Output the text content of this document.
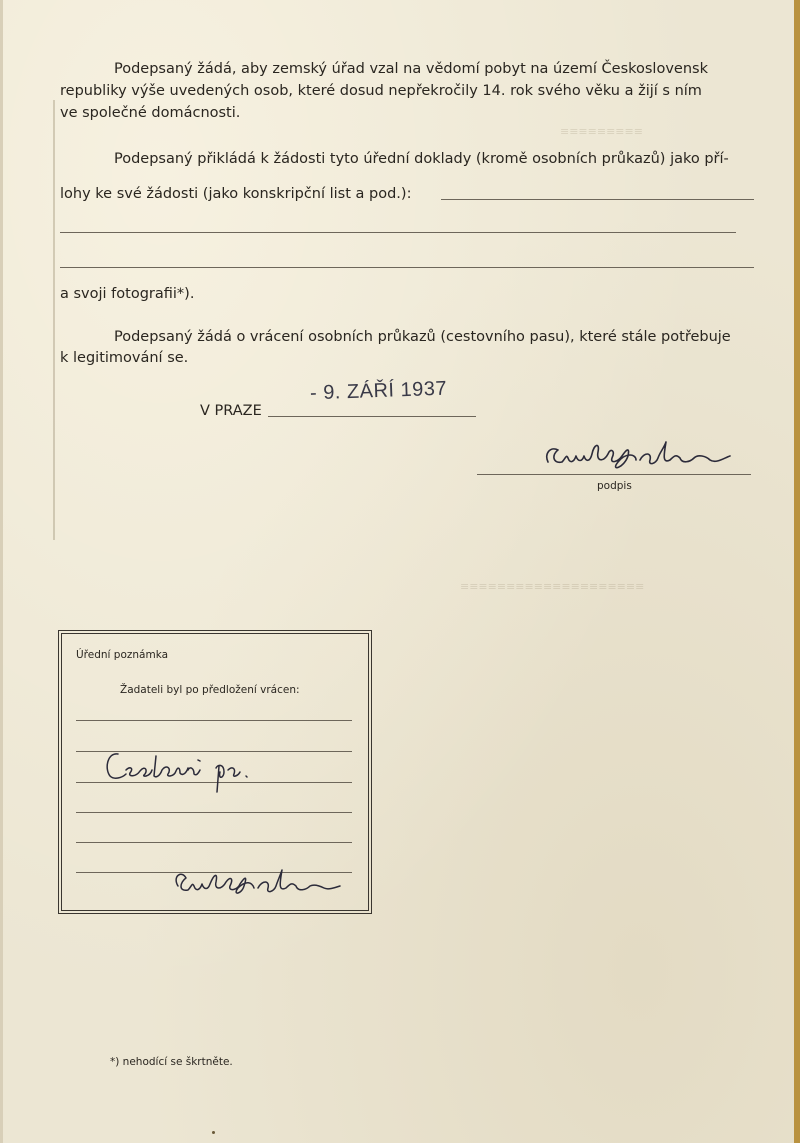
≡≡≡≡≡≡≡≡≡
≡≡≡≡≡≡≡≡≡≡≡≡≡≡≡≡≡≡≡≡
Podepsaný žádá, aby zemský úřad vzal na vědomí pobyt na území Československ
republiky výše uvedených osob, které dosud nepřekročily 14. rok svého věku a žijí s ním
ve společné domácnosti.
Podepsaný přikládá k žádosti tyto úřední doklady (kromě osobních průkazů) jako pří-
lohy ke své žádosti (jako konskripční list a pod.):
a svoji fotografii*).
Podepsaný žádá o vrácení osobních průkazů (cestovního pasu), které stále potřebuje
k legitimování se.
V PRAZE
- 9. ZÁŘÍ 1937
podpis
Úřední poznámka
Žadateli byl po předložení vrácen:
*) nehodící se škrtněte.
